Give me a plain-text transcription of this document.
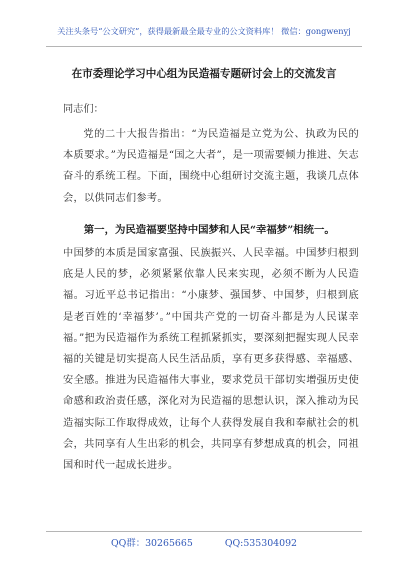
关注头条号“公文研究”，获得最新最全最专业的公文资料库！ 微信：gongwenyj
在市委理论学习中心组为民造福专题研讨会上的交流发言
同志们：

党的二十大报告指出：“为民造福是立党为公、执政为民的本质要求。”为民造福是“国之大者”，是一项需要倾力推进、矢志奋斗的系统工程。下面，围绕中心组研讨交流主题，我谈几点体会，以供同志们参考。

第一，为民造福要坚持中国梦和人民“幸福梦”相统一。

中国梦的本质是国家富强、民族振兴、人民幸福。中国梦归根到底是人民的梦，必须紧紧依靠人民来实现，必须不断为人民造福。习近平总书记指出：“小康梦、强国梦、中国梦，归根到底是老百姓的‘幸福梦’。”中国共产党的一切奋斗都是为人民谋幸福。”把为民造福作为系统工程抓紧抓实，要深刻把握实现人民幸福的关键是切实提高人民生活品质，享有更多获得感、幸福感、安全感。推进为民造福伟大事业，要求党员干部切实增强历史使命感和政治责任感，深化对为民造福的思想认识，深入推动为民造福实际工作取得成效，让每个人获得发展自我和奉献社会的机会，共同享有人生出彩的机会，共同享有梦想成真的机会，同祖国和时代一起成长进步。

QQ群：30265665	QQ:535304092
